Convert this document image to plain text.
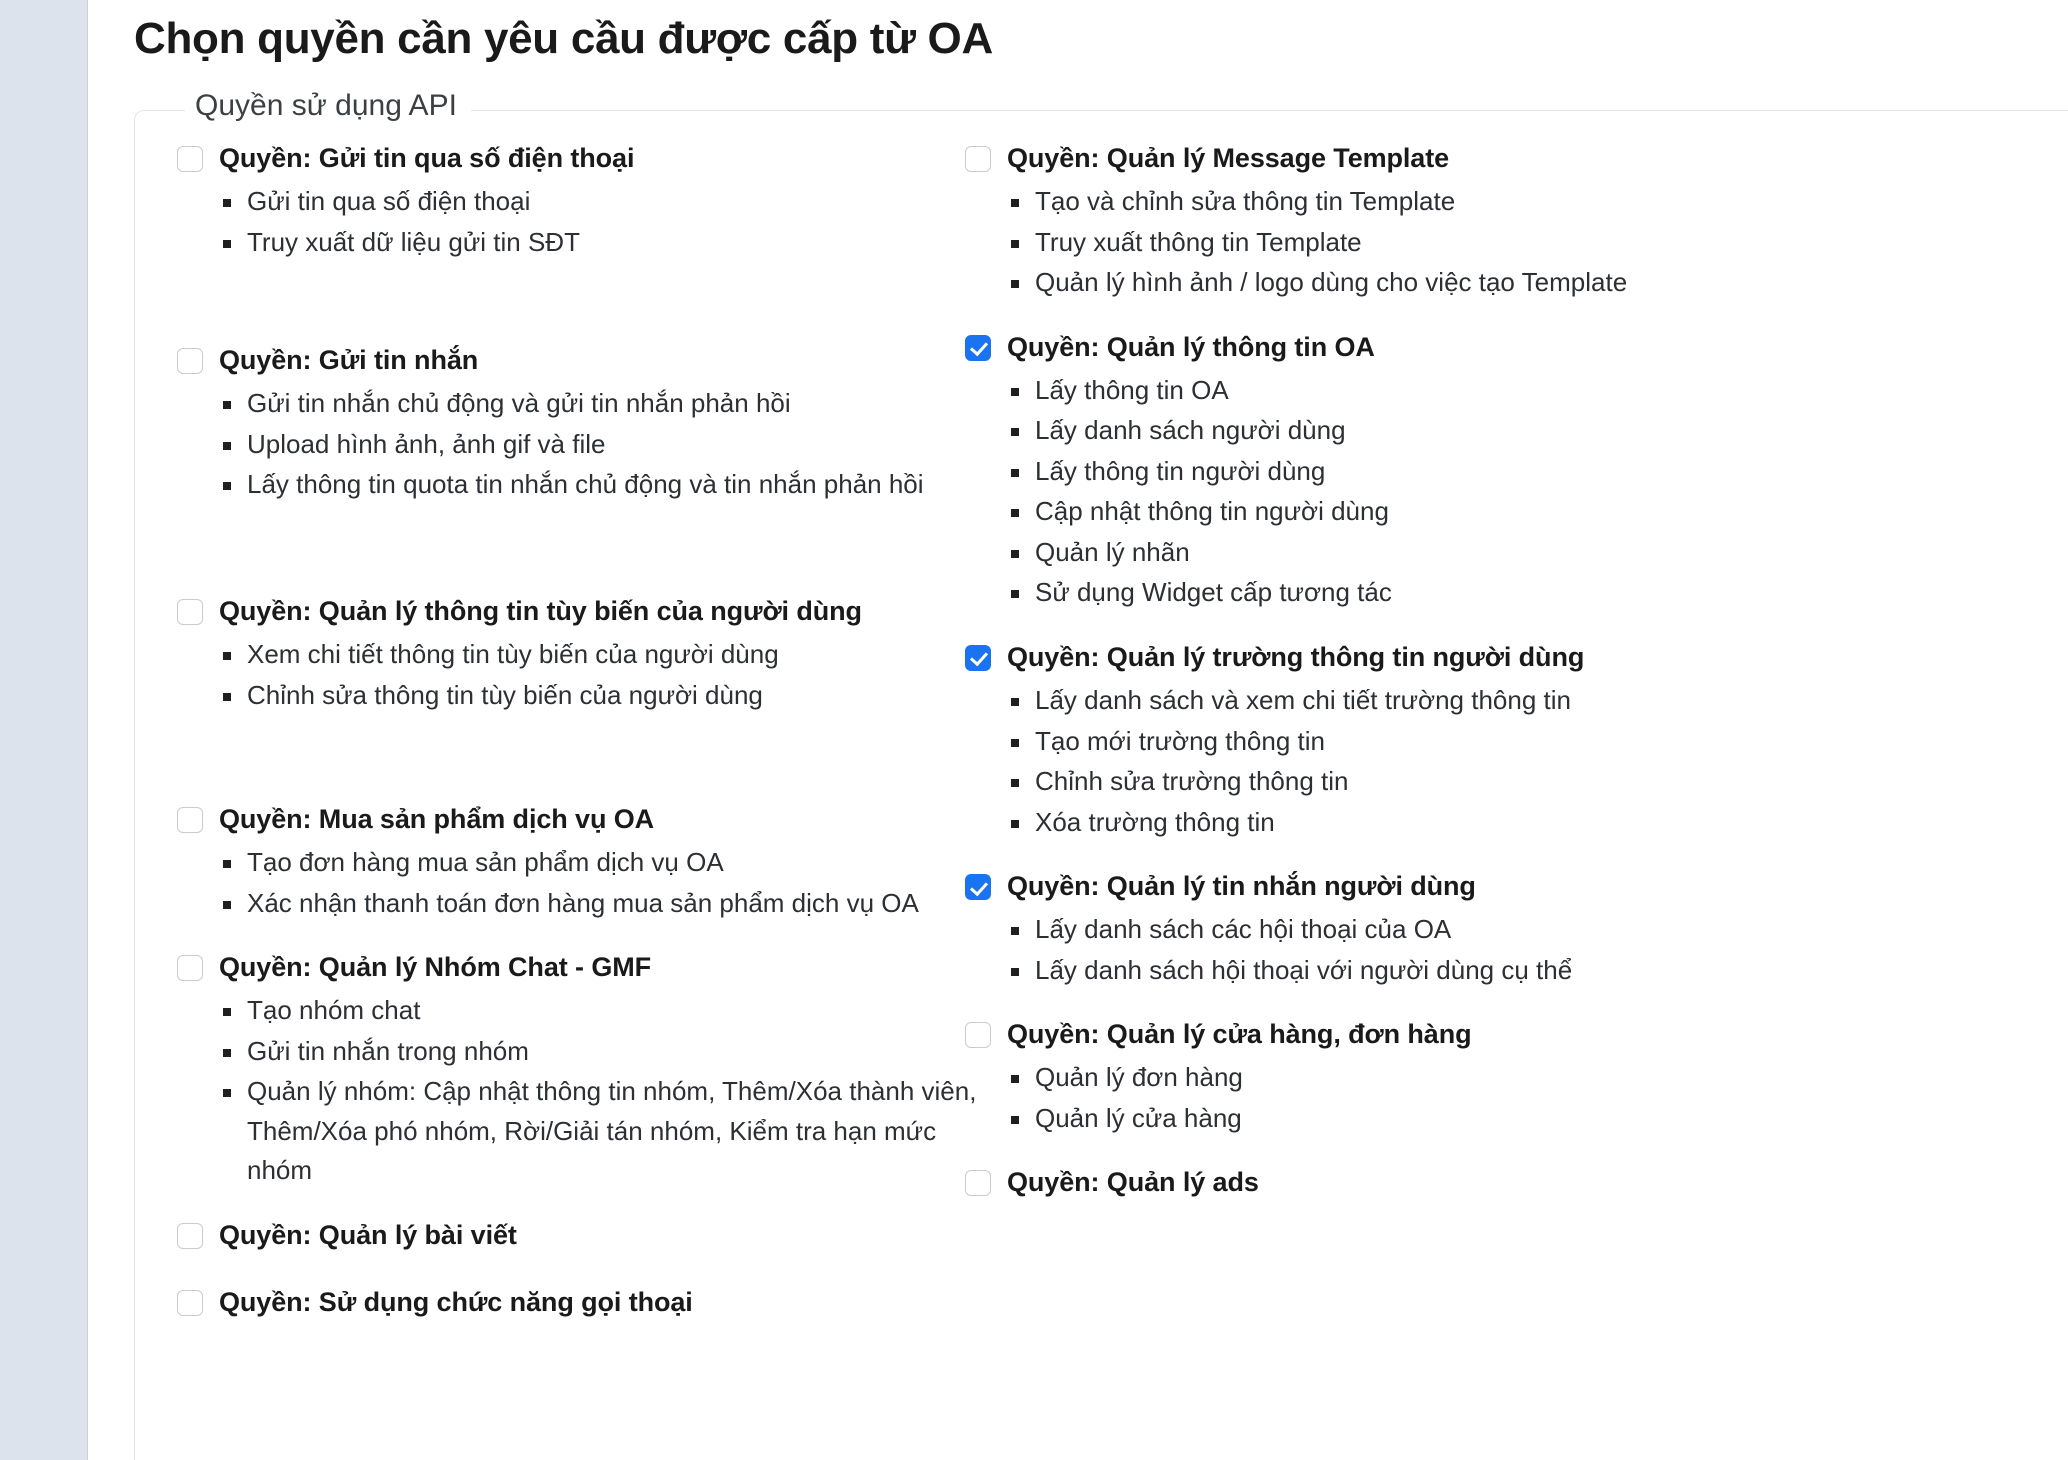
Chọn quyền cần yêu cầu được cấp từ OA
Quyền sử dụng API
Quyền: Gửi tin qua số điện thoại
Gửi tin qua số điện thoại
Truy xuất dữ liệu gửi tin SĐT
Quyền: Gửi tin nhắn
Gửi tin nhắn chủ động và gửi tin nhắn phản hồi
Upload hình ảnh, ảnh gif và file
Lấy thông tin quota tin nhắn chủ động và tin nhắn phản hồi
Quyền: Quản lý thông tin tùy biến của người dùng
Xem chi tiết thông tin tùy biến của người dùng
Chỉnh sửa thông tin tùy biến của người dùng
Quyền: Mua sản phẩm dịch vụ OA
Tạo đơn hàng mua sản phẩm dịch vụ OA
Xác nhận thanh toán đơn hàng mua sản phẩm dịch vụ OA
Quyền: Quản lý Nhóm Chat - GMF
Tạo nhóm chat
Gửi tin nhắn trong nhóm
Quản lý nhóm: Cập nhật thông tin nhóm, Thêm/Xóa thành viên, Thêm/Xóa phó nhóm, Rời/Giải tán nhóm, Kiểm tra hạn mức nhóm
Quyền: Quản lý bài viết
Quyền: Sử dụng chức năng gọi thoại
Quyền: Quản lý Message Template
Tạo và chỉnh sửa thông tin Template
Truy xuất thông tin Template
Quản lý hình ảnh / logo dùng cho việc tạo Template
Quyền: Quản lý thông tin OA
Lấy thông tin OA
Lấy danh sách người dùng
Lấy thông tin người dùng
Cập nhật thông tin người dùng
Quản lý nhãn
Sử dụng Widget cấp tương tác
Quyền: Quản lý trường thông tin người dùng
Lấy danh sách và xem chi tiết trường thông tin
Tạo mới trường thông tin
Chỉnh sửa trường thông tin
Xóa trường thông tin
Quyền: Quản lý tin nhắn người dùng
Lấy danh sách các hội thoại của OA
Lấy danh sách hội thoại với người dùng cụ thể
Quyền: Quản lý cửa hàng, đơn hàng
Quản lý đơn hàng
Quản lý cửa hàng
Quyền: Quản lý ads
